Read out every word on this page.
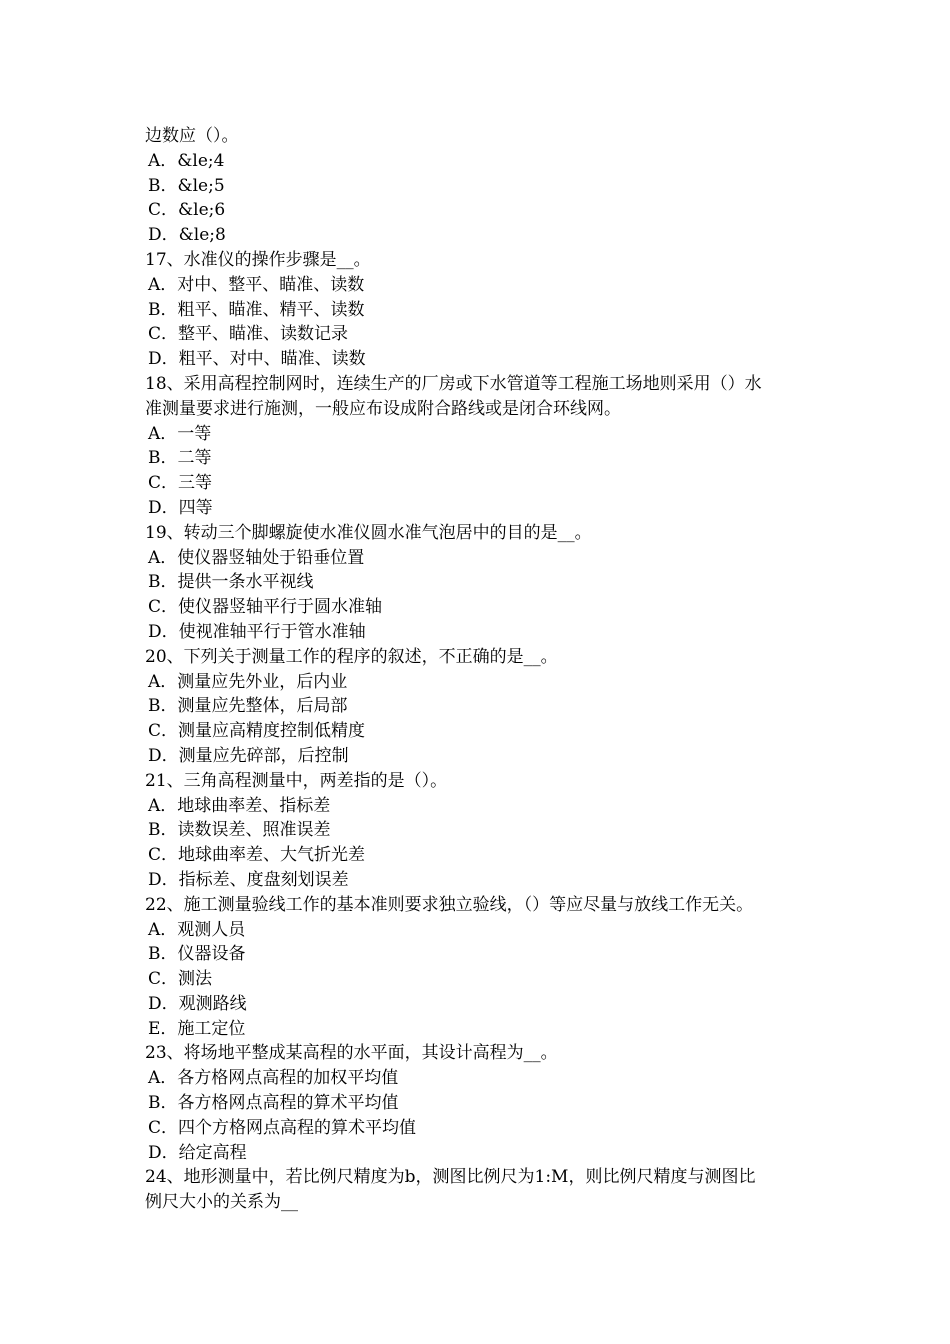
边数应（）。
A．&le;4
B．&le;5
C．&le;6
D．&le;8
17、水准仪的操作步骤是__。
A．对中、整平、瞄准、读数
B．粗平、瞄准、精平、读数
C．整平、瞄准、读数记录
D．粗平、对中、瞄准、读数
18、采用高程控制网时，连续生产的厂房或下水管道等工程施工场地则采用（）水
准测量要求进行施测，一般应布设成附合路线或是闭合环线网。
A．一等
B．二等
C．三等
D．四等
19、转动三个脚螺旋使水准仪圆水准气泡居中的目的是__。
A．使仪器竖轴处于铅垂位置
B．提供一条水平视线
C．使仪器竖轴平行于圆水准轴
D．使视准轴平行于管水准轴
20、下列关于测量工作的程序的叙述，不正确的是__。
A．测量应先外业，后内业
B．测量应先整体，后局部
C．测量应高精度控制低精度
D．测量应先碎部，后控制
21、三角高程测量中，两差指的是（）。
A．地球曲率差、指标差
B．读数误差、照准误差
C．地球曲率差、大气折光差
D．指标差、度盘刻划误差
22、施工测量验线工作的基本准则要求独立验线，（）等应尽量与放线工作无关。
A．观测人员
B．仪器设备
C．测法
D．观测路线
E．施工定位
23、将场地平整成某高程的水平面，其设计高程为__。
A．各方格网点高程的加权平均值
B．各方格网点高程的算术平均值
C．四个方格网点高程的算术平均值
D．给定高程
24、地形测量中，若比例尺精度为b，测图比例尺为1:M，则比例尺精度与测图比
例尺大小的关系为__
